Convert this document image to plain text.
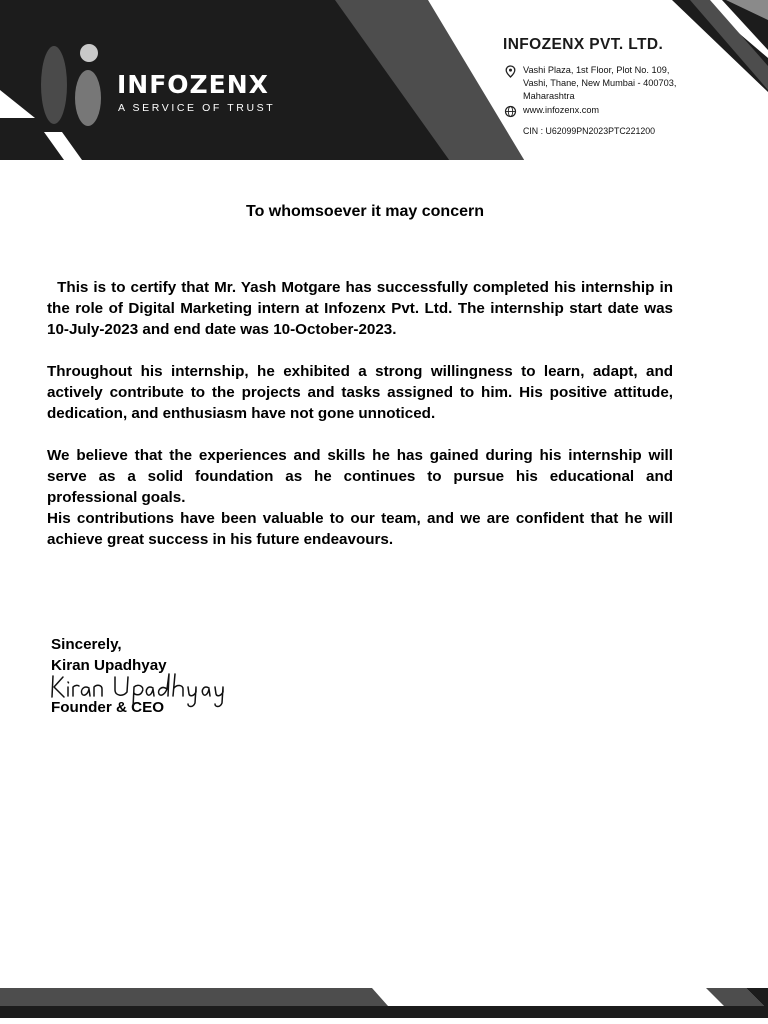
INFOZENX
A SERVICE OF TRUST
INFOZENX PVT. LTD.
Vashi Plaza, 1st Floor, Plot No. 109,
Vashi, Thane, New Mumbai - 400703,
Maharashtra
www.infozenx.com
CIN : U62099PN2023PTC221200
To whomsoever it may concern

This is to certify that Mr. Yash Motgare has successfully completed his internship in the role of Digital Marketing intern at Infozenx Pvt. Ltd. The internship start date was 10-July-2023 and end date was 10-October-2023.

Throughout his internship, he exhibited a strong willingness to learn, adapt, and actively contribute to the projects and tasks assigned to him. His positive attitude, dedication, and enthusiasm have not gone unnoticed.

We believe that the experiences and skills he has gained during his internship will serve as a solid foundation as he continues to pursue his educational and professional goals.

His contributions have been valuable to our team, and we are confident that he will achieve great success in his future endeavours.

Sincerely,
Kiran Upadhyay
Founder & CEO
